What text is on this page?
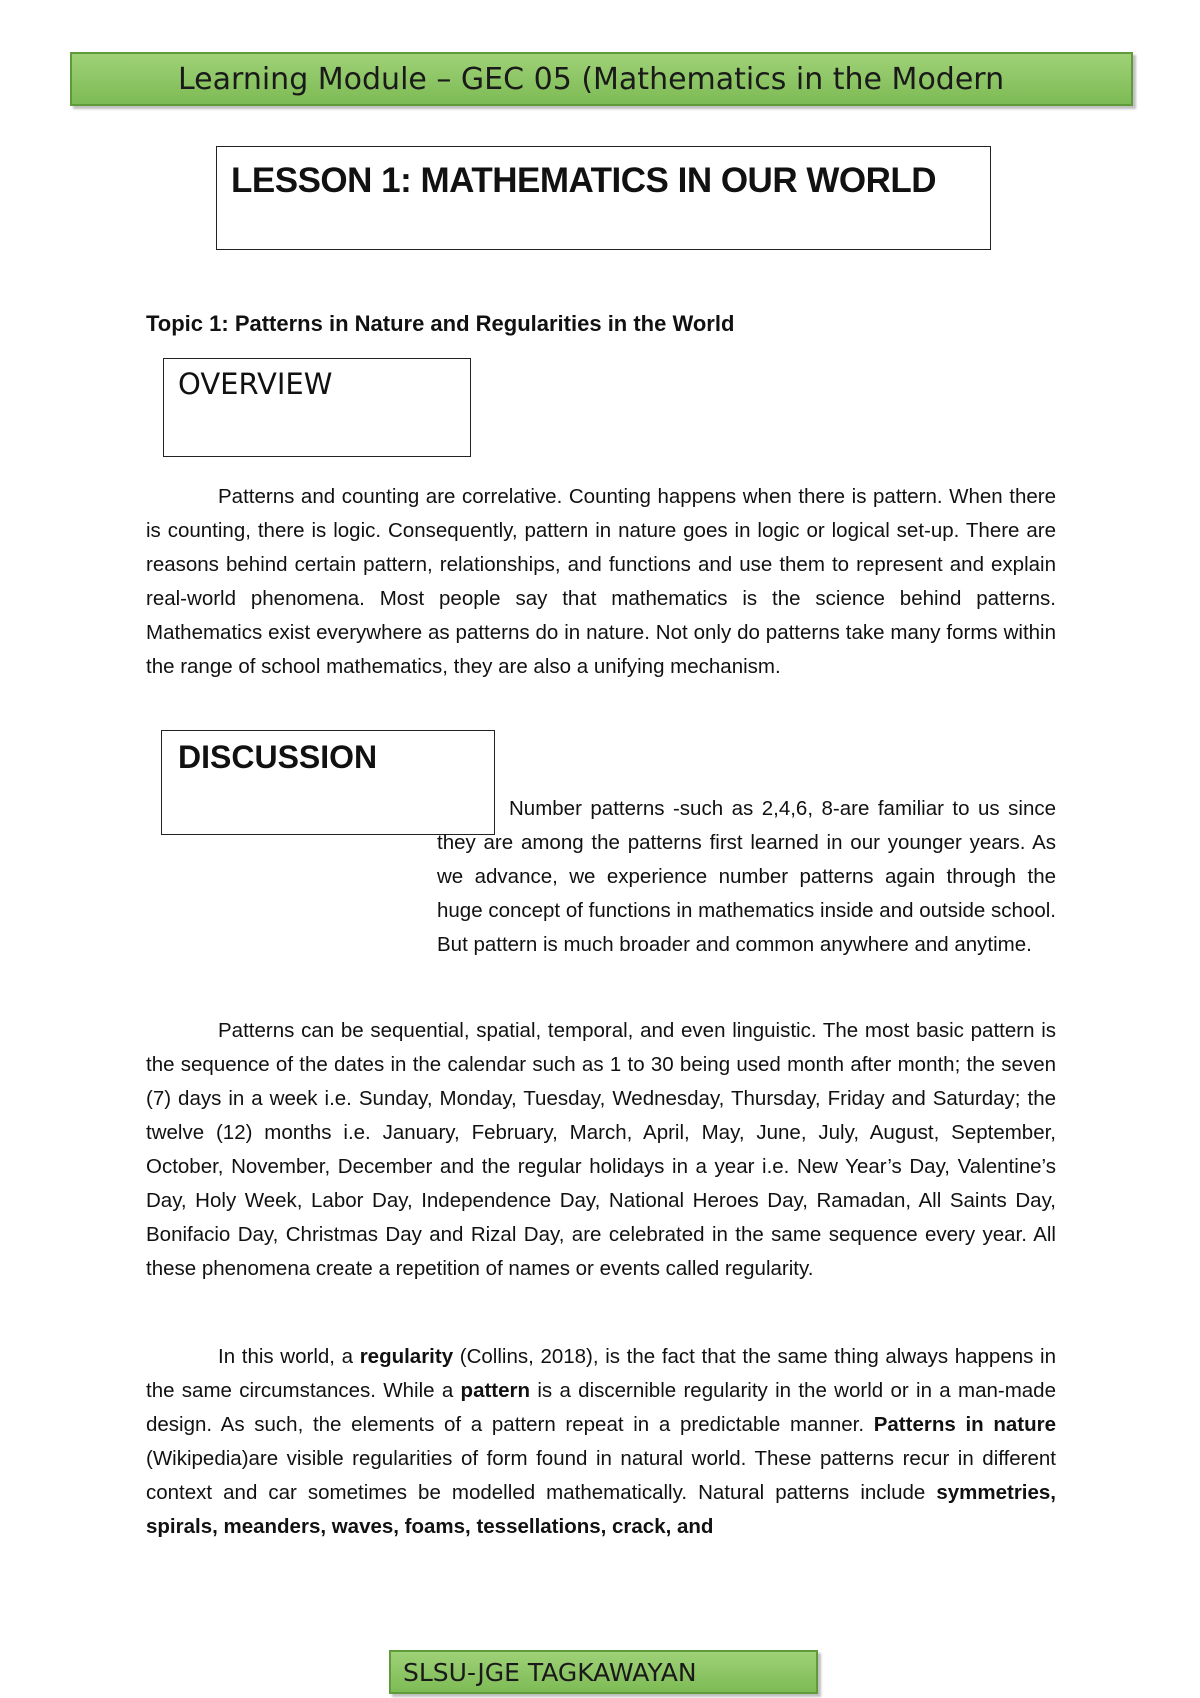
Learning Module – GEC 05 (Mathematics in the Modern
LESSON 1: MATHEMATICS IN OUR WORLD
Topic 1: Patterns in Nature and Regularities in the World
OVERVIEW

Patterns and counting are correlative. Counting happens when there is pattern. When there is counting, there is logic. Consequently, pattern in nature goes in logic or logical set-up. There are reasons behind certain pattern, relationships, and functions and use them to represent and explain real-world phenomena. Most people say that mathematics is the science behind patterns. Mathematics exist everywhere as patterns do in nature. Not only do patterns take many forms within the range of school mathematics, they are also a unifying mechanism.

DISCUSSION

Number patterns -such as 2,4,6, 8-are familiar to us since they are among the patterns first learned in our younger years. As we advance, we experience number patterns again through the huge concept of functions in mathematics inside and outside school. But pattern is much broader and common anywhere and anytime.

Patterns can be sequential, spatial, temporal, and even linguistic. The most basic pattern is the sequence of the dates in the calendar such as 1 to 30 being used month after month; the seven (7) days in a week i.e. Sunday, Monday, Tuesday, Wednesday, Thursday, Friday and Saturday; the twelve (12) months i.e. January, February, March, April, May, June, July, August, September, October, November, December and the regular holidays in a year i.e. New Year’s Day, Valentine’s Day, Holy Week, Labor Day, Independence Day, National Heroes Day, Ramadan, All Saints Day, Bonifacio Day, Christmas Day and Rizal Day, are celebrated in the same sequence every year. All these phenomena create a repetition of names or events called regularity.

In this world, a regularity (Collins, 2018), is the fact that the same thing always happens in the same circumstances. While a pattern is a discernible regularity in the world or in a man-made design. As such, the elements of a pattern repeat in a predictable manner. Patterns in nature (Wikipedia)are visible regularities of form found in natural world. These patterns recur in different context and car sometimes be modelled mathematically. Natural patterns include symmetries, spirals, meanders, waves, foams, tessellations, crack, and

SLSU-JGE TAGKAWAYAN
